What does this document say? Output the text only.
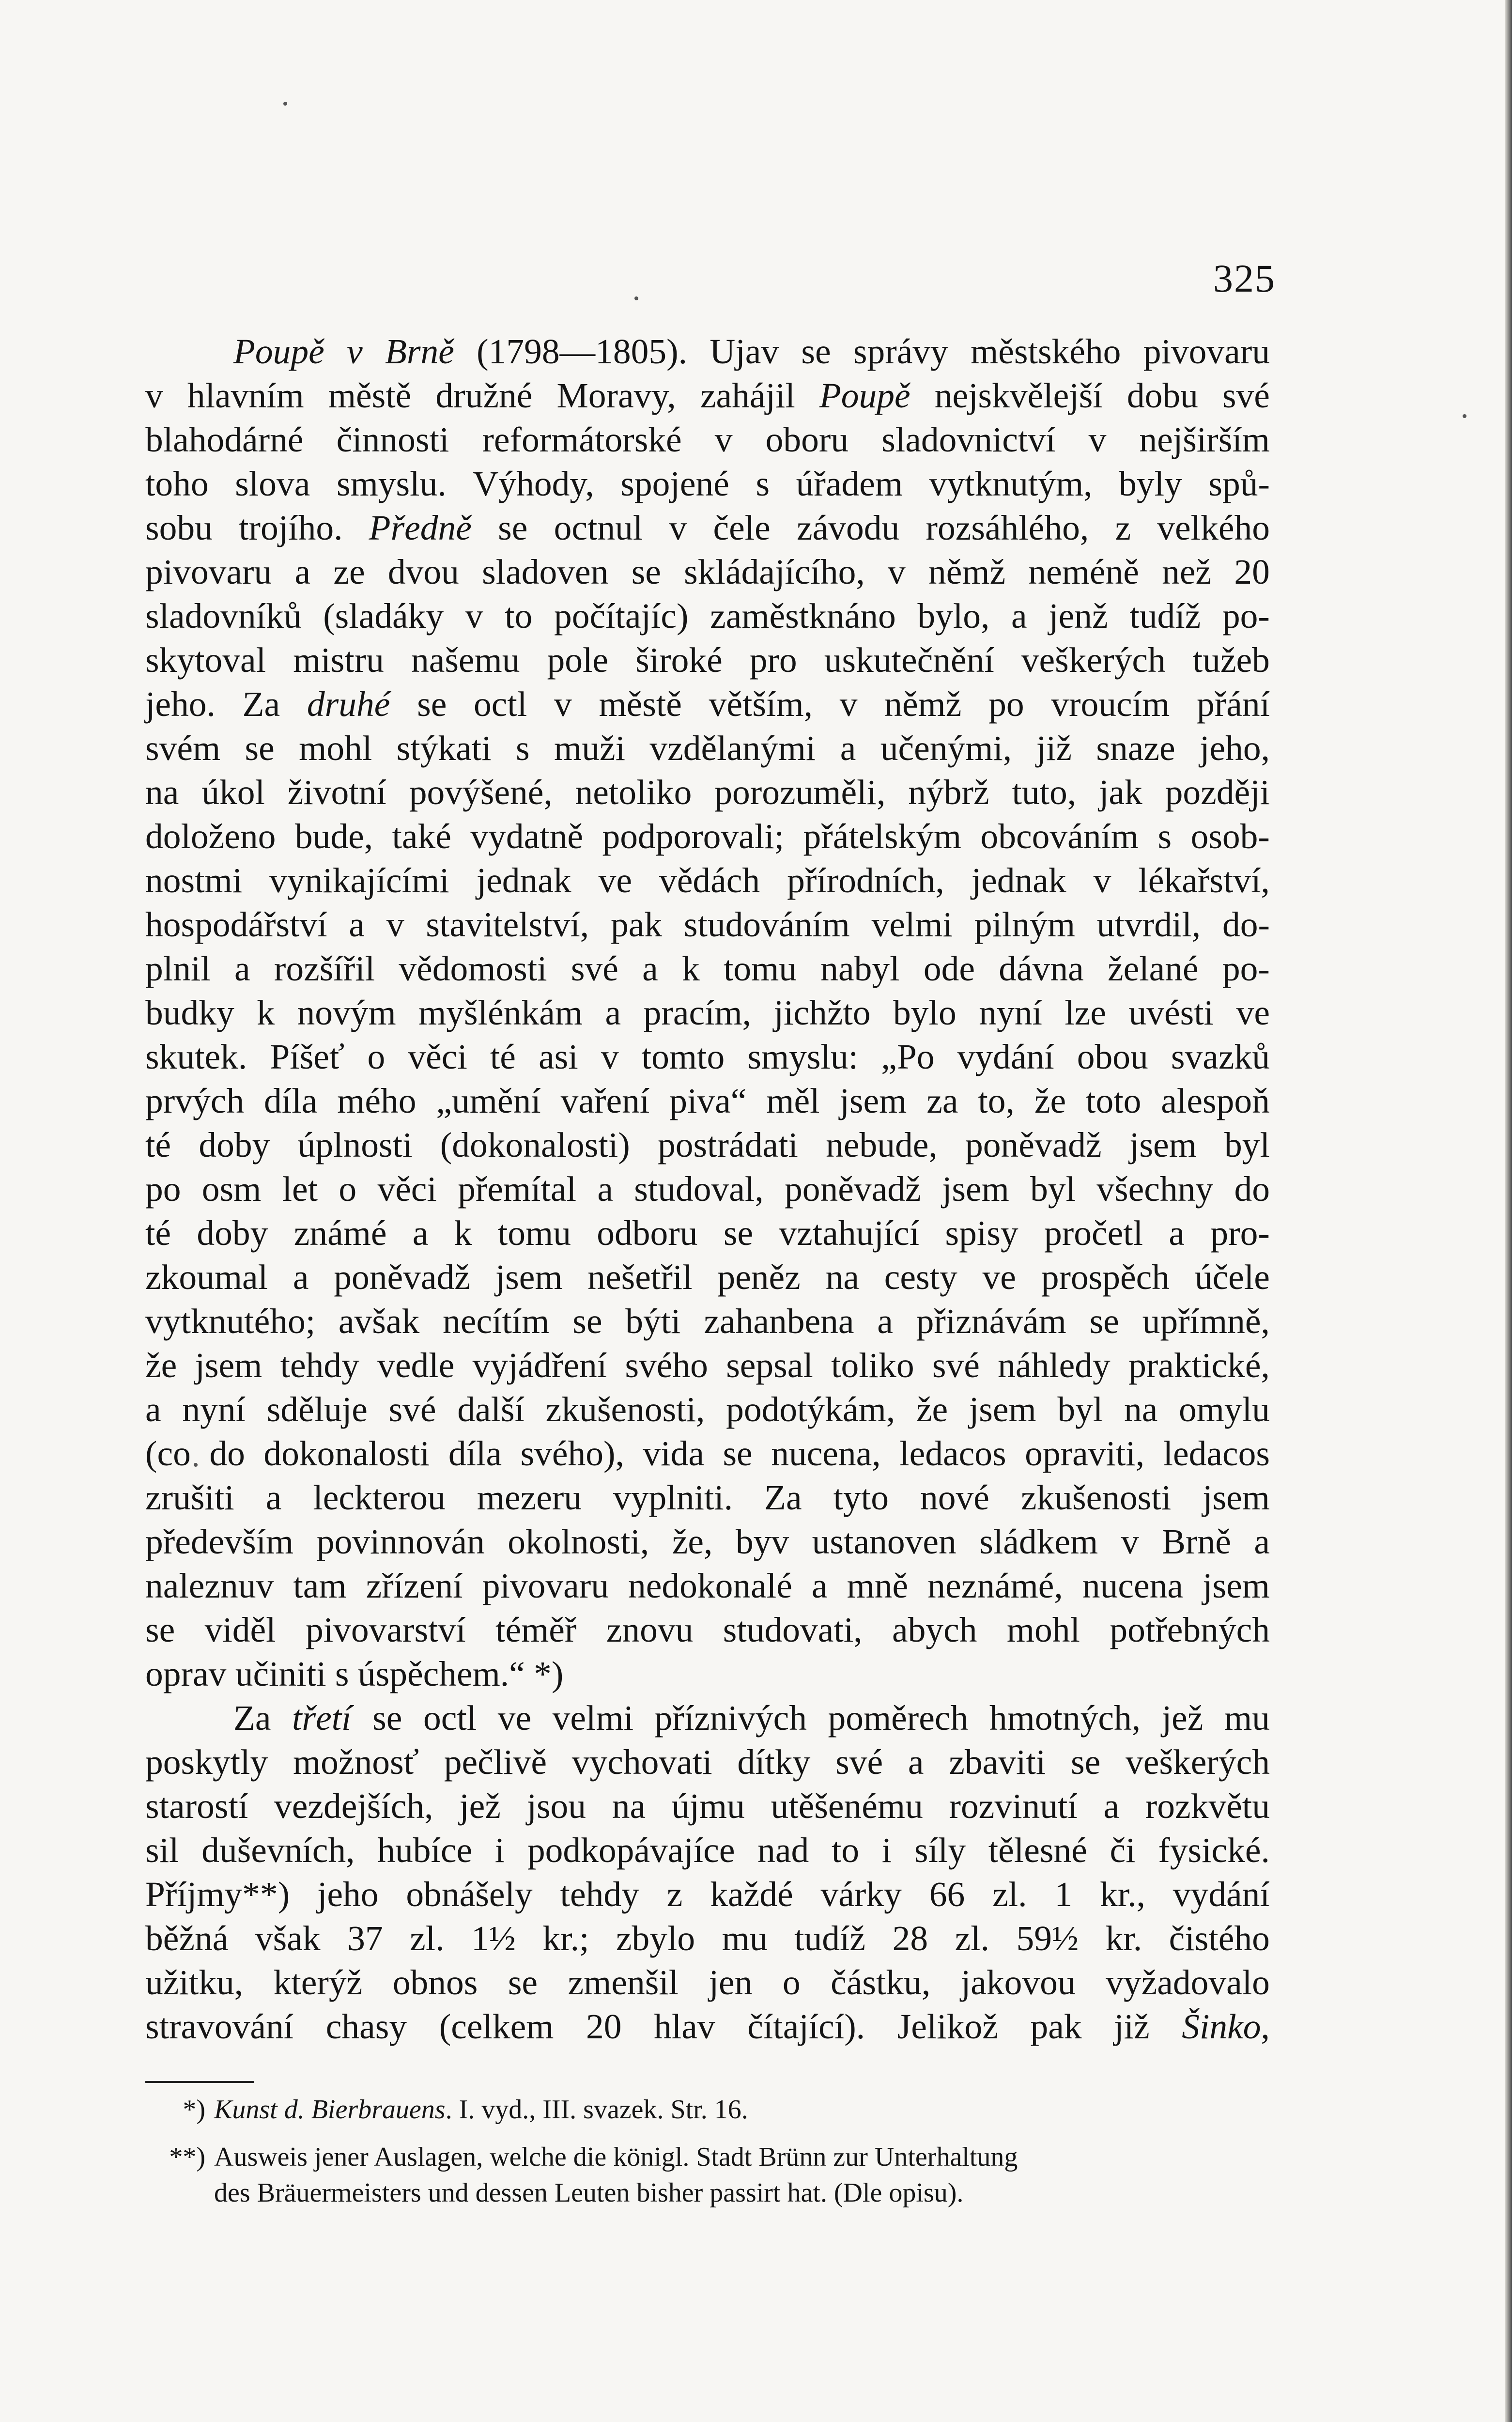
325
Poupě v Brně (1798—1805). Ujav se správy městského pivovaru
v hlavním městě družné Moravy, zahájil Poupě nejskvělejší dobu své
blahodárné činnosti reformátorské v oboru sladovnictví v nejširším
toho slova smyslu. Výhody, spojené s úřadem vytknutým, byly spů-
sobu trojího. Předně se octnul v čele závodu rozsáhlého, z velkého
pivovaru a ze dvou sladoven se skládajícího, v němž neméně než 20
sladovníků (sladáky v to počítajíc) zaměstknáno bylo, a jenž tudíž po-
skytoval mistru našemu pole široké pro uskutečnění veškerých tužeb
jeho. Za druhé se octl v městě větším, v němž po vroucím přání
svém se mohl stýkati s muži vzdělanými a učenými, již snaze jeho,
na úkol životní povýšené, netoliko porozuměli, nýbrž tuto, jak později
doloženo bude, také vydatně podporovali; přátelským obcováním s osob-
nostmi vynikajícími jednak ve vědách přírodních, jednak v lékařství,
hospodářství a v stavitelství, pak studováním velmi pilným utvrdil, do-
plnil a rozšířil vědomosti své a k tomu nabyl ode dávna želané po-
budky k novým myšlénkám a pracím, jichžto bylo nyní lze uvésti ve
skutek. Píšeť o věci té asi v tomto smyslu: „Po vydání obou svazků
prvých díla mého „umění vaření piva“ měl jsem za to, že toto alespoň
té doby úplnosti (dokonalosti) postrádati nebude, poněvadž jsem byl
po osm let o věci přemítal a studoval, poněvadž jsem byl všechny do
té doby známé a k tomu odboru se vztahující spisy pročetl a pro-
zkoumal a poněvadž jsem nešetřil peněz na cesty ve prospěch účele
vytknutého; avšak necítím se býti zahanbena a přiznávám se upřímně,
že jsem tehdy vedle vyjádření svého sepsal toliko své náhledy praktické,
a nyní sděluje své další zkušenosti, podotýkám, že jsem byl na omylu
(co do dokonalosti díla svého), vida se nucena, ledacos opraviti, ledacos
zrušiti a leckterou mezeru vyplniti. Za tyto nové zkušenosti jsem
především povinnován okolnosti, že, byv ustanoven sládkem v Brně a
naleznuv tam zřízení pivovaru nedokonalé a mně neznámé, nucena jsem
se viděl pivovarství téměř znovu studovati, abych mohl potřebných
oprav učiniti s úspěchem.“ *)
Za třetí se octl ve velmi příznivých poměrech hmotných, jež mu
poskytly možnosť pečlivě vychovati dítky své a zbaviti se veškerých
starostí vezdejších, jež jsou na újmu utěšenému rozvinutí a rozkvětu
sil duševních, hubíce i podkopávajíce nad to i síly tělesné či fysické.
Příjmy**) jeho obnášely tehdy z každé várky 66 zl. 1 kr., vydání
běžná však 37 zl. 1½ kr.; zbylo mu tudíž 28 zl. 59½ kr. čistého
užitku, kterýž obnos se zmenšil jen o částku, jakovou vyžadovalo
stravování chasy (celkem 20 hlav čítající). Jelikož pak již Šinko,
*) Kunst d. Bierbrauens. I. vyd., III. svazek. Str. 16.
**) Ausweis jener Auslagen, welche die königl. Stadt Brünn zur Unterhaltung
des Bräuermeisters und dessen Leuten bisher passirt hat. (Dle opisu).
